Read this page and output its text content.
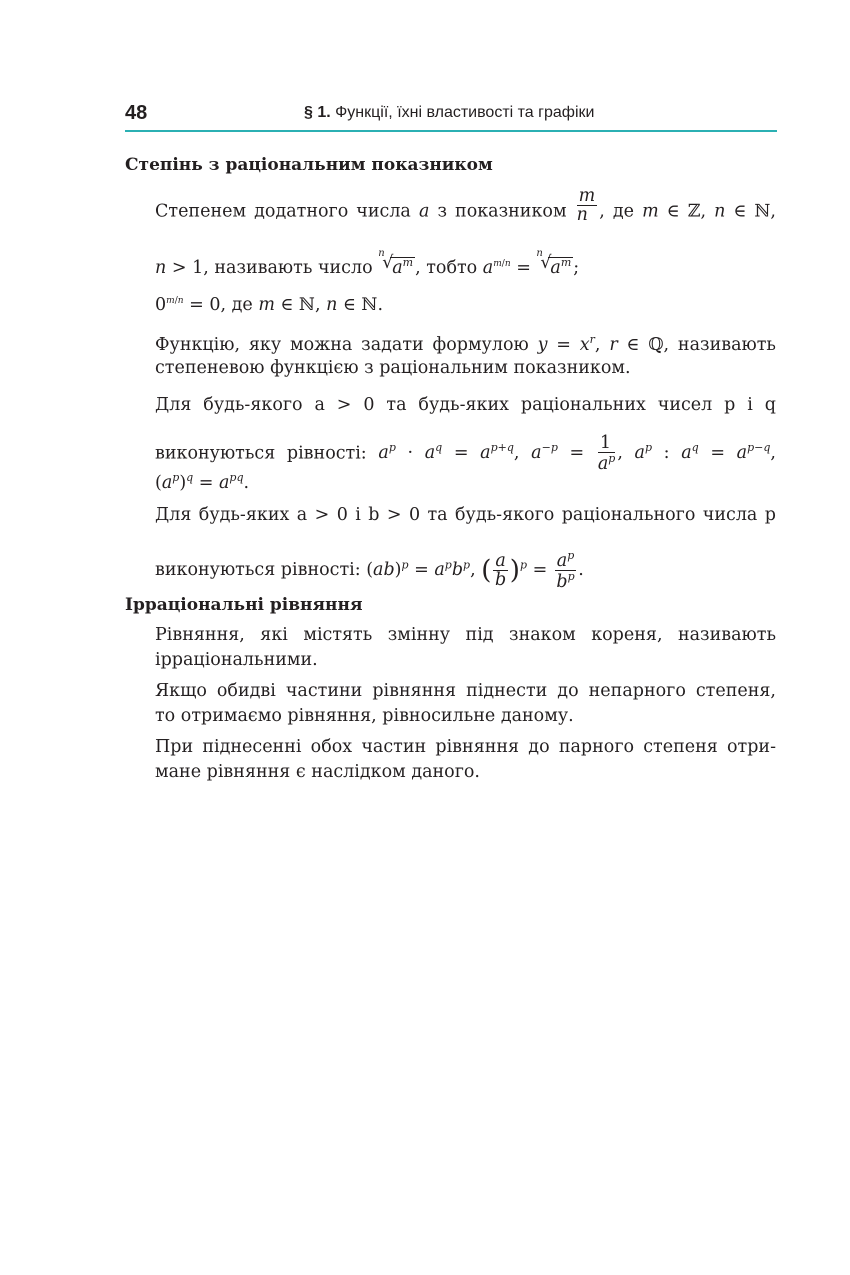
48	§ 1. Функції, їхні властивості та графіки
Степінь з раціональним показником
Степенем додатного числа a з показником $\frac{m}{n}$ , де m ∈ ℤ, n ∈ ℕ,
n > 1, називають число
n
√
$a^m$ , тобто $a^{m/n}$ =
n
√
$a^m$ ;
$0^{m/n} = 0$, де m ∈ ℕ, n ∈ ℕ.
Функцію, яку можна задати формулою $y = x^r$, r ∈ ℚ, називають
степеневою функцією з раціональним показником.
Для будь-якого a > 0 та будь-яких раціональних чисел p і q
виконуються рівності: $a^p \cdot a^q = a^{p+q}$, $a^{-p} = \frac{1}{a^p}$ , $a^p$ : $a^q = a^{p-q}$,
$(a^p)^q = a^{pq}$.
Для будь-яких a > 0 і b > 0 та будь-якого раціонального числа p
виконуються рівності: $(ab)^p = a^pb^p$, ( $\frac{a}{b} )^p = \frac{a^p}{b^p}$ .
Ірраціональні рівняння
Рівняння, які містять змінну під знаком кореня, називають
ірраціональними.
Якщо обидві частини рівняння піднести до непарного степеня,
то отримаємо рівняння, рівносильне даному.
При піднесенні обох частин рівняння до парного степеня отри-
мане рівняння є наслідком даного.
